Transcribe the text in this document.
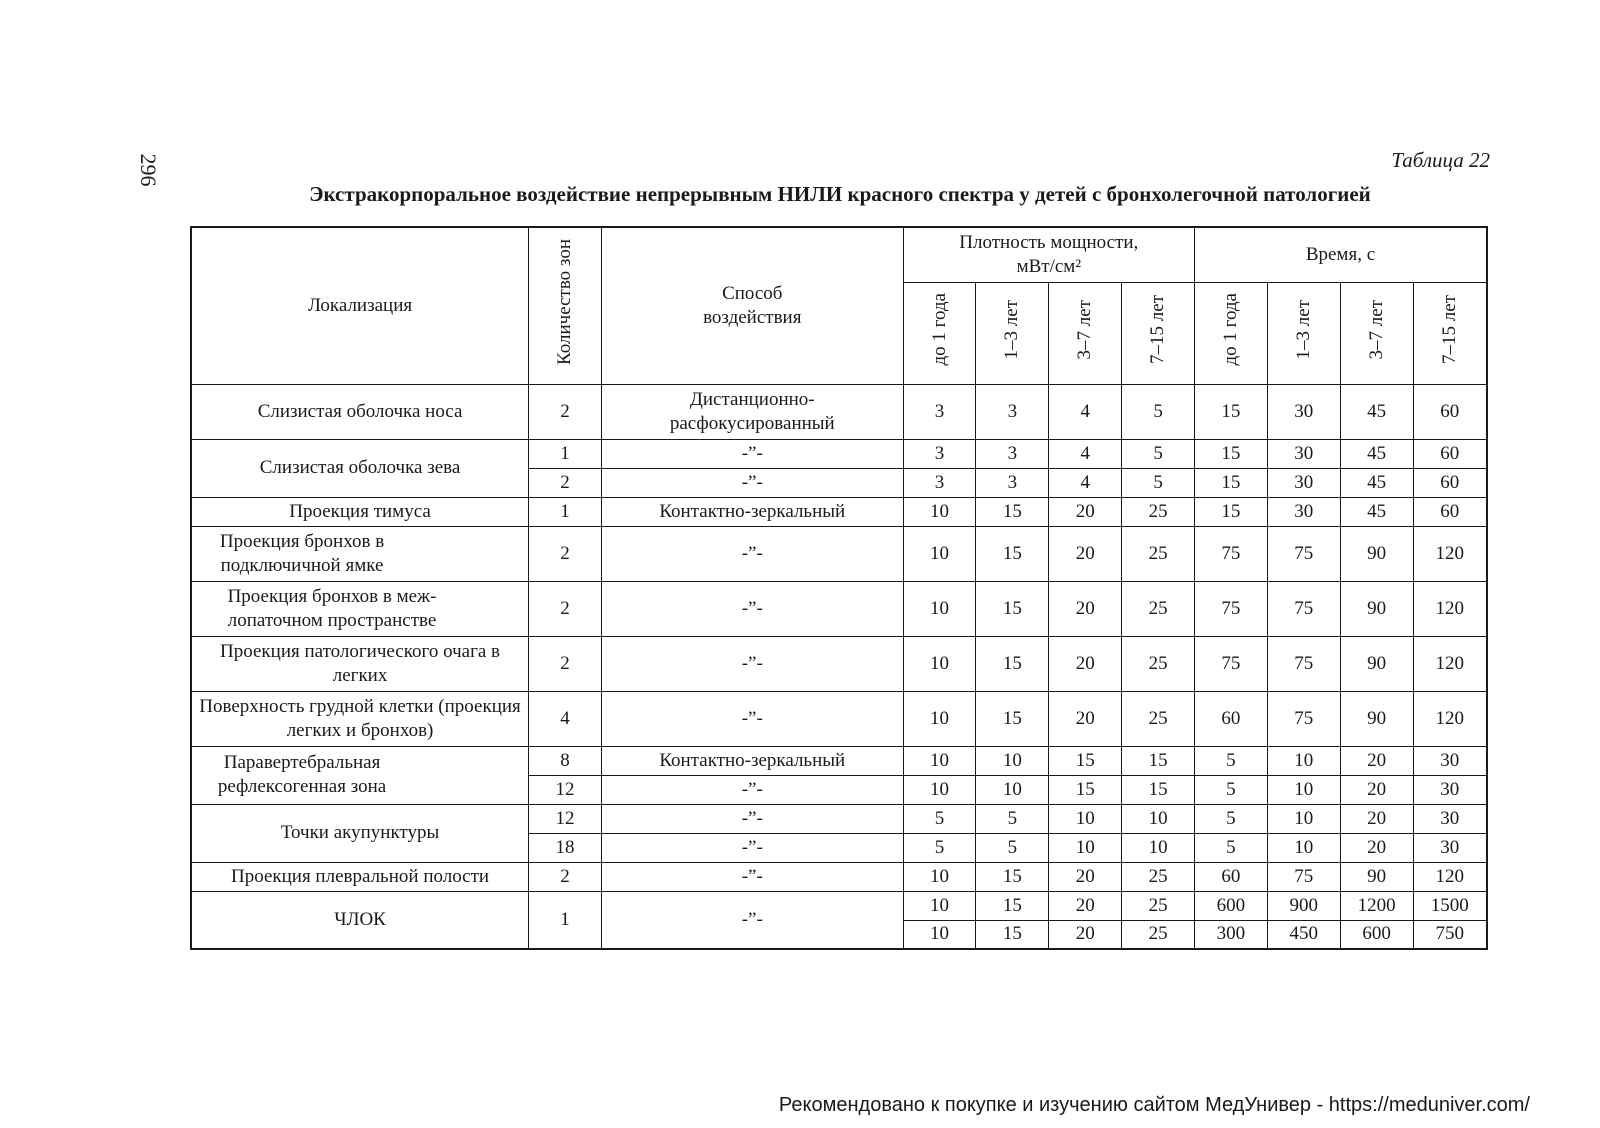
296	Таблица 22
Экстракорпоральное воздействие непрерывным НИЛИ красного спектра у детей с бронхолегочной патологией
Локализация	Количество зон	Способ воздействия	Плотность мощности, мВт/см²				Время, с			
			до 1 года	1–3 лет	3–7 лет	7–15 лет	до 1 года	1–3 лет	3–7 лет	7–15 лет
Слизистая оболочка носа	2	Дистанционно-расфокусированный	3	3	4	5	15	30	45	60
Слизистая оболочка зева	1	-”-	3	3	4	5	15	30	45	60
	2	-”-	3	3	4	5	15	30	45	60
Проекция тимуса	1	Контактно-зеркальный	10	15	20	25	15	30	45	60
Проекция бронхов в подключичной ямке	2	-”-	10	15	20	25	75	75	90	120
Проекция бронхов в меж-лопаточном пространстве	2	-”-	10	15	20	25	75	75	90	120
Проекция патологического очага в легких	2	-”-	10	15	20	25	75	75	90	120
Поверхность грудной клетки (проекция легких и бронхов)	4	-”-	10	15	20	25	60	75	90	120
Паравертебральная рефлексогенная зона	8	Контактно-зеркальный	10	10	15	15	5	10	20	30
	12	-”-	10	10	15	15	5	10	20	30
Точки акупунктуры	12	-”-	5	5	10	10	5	10	20	30
	18	-”-	5	5	10	10	5	10	20	30
Проекция плевральной полости	2	-”-	10	15	20	25	60	75	90	120
ЧЛОК	1	-”-	10	15	20	25	600	900	1200	1500
			10	15	20	25	300	450	600	750
Рекомендовано к покупке и изучению сайтом МедУнивер - https://meduniver.com/
